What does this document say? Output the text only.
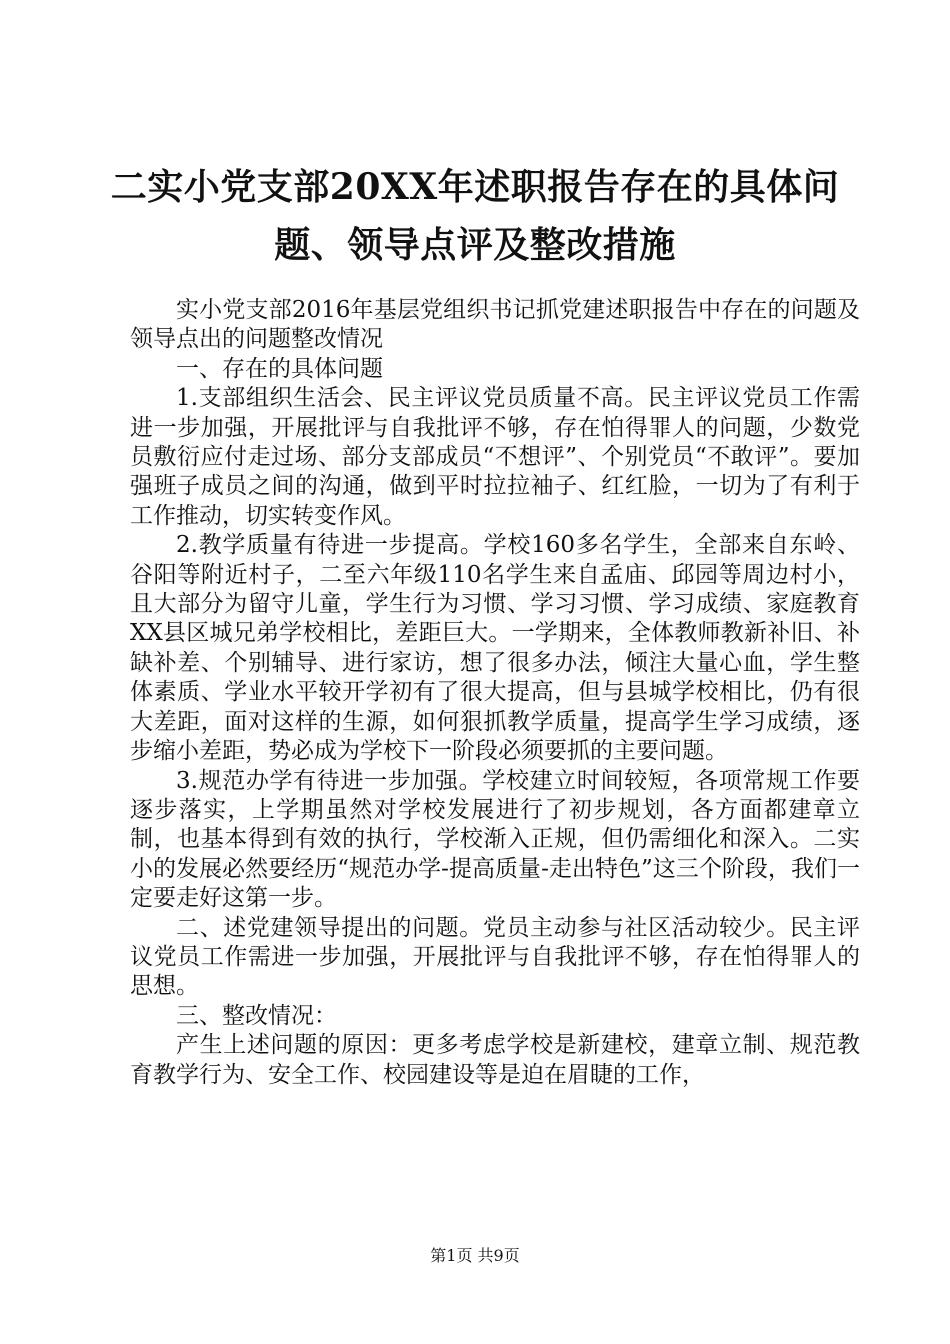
二实小党支部20XX年述职报告存在的具体问题、领导点评及整改措施

实小党支部2016年基层党组织书记抓党建述职报告中存在的问题及领导点出的问题整改情况

一、存在的具体问题

1.支部组织生活会、民主评议党员质量不高。民主评议党员工作需进一步加强，开展批评与自我批评不够，存在怕得罪人的问题，少数党员敷衍应付走过场、部分支部成员“不想评”、个别党员“不敢评”。要加强班子成员之间的沟通，做到平时拉拉袖子、红红脸，一切为了有利于工作推动，切实转变作风。

2.教学质量有待进一步提高。学校160多名学生，全部来自东岭、谷阳等附近村子，二至六年级110名学生来自孟庙、邱园等周边村小，且大部分为留守儿童，学生行为习惯、学习习惯、学习成绩、家庭教育XX县区城兄弟学校相比，差距巨大。一学期来，全体教师教新补旧、补缺补差、个别辅导、进行家访，想了很多办法，倾注大量心血，学生整体素质、学业水平较开学初有了很大提高，但与县城学校相比，仍有很大差距，面对这样的生源，如何狠抓教学质量，提高学生学习成绩，逐步缩小差距，势必成为学校下一阶段必须要抓的主要问题。

3.规范办学有待进一步加强。学校建立时间较短，各项常规工作要逐步落实，上学期虽然对学校发展进行了初步规划，各方面都建章立制，也基本得到有效的执行，学校渐入正规，但仍需细化和深入。二实小的发展必然要经历“规范办学-提高质量-走出特色”这三个阶段，我们一定要走好这第一步。

二、述党建领导提出的问题。党员主动参与社区活动较少。民主评议党员工作需进一步加强，开展批评与自我批评不够，存在怕得罪人的思想。

三、整改情况：

产生上述问题的原因：更多考虑学校是新建校，建章立制、规范教育教学行为、安全工作、校园建设等是迫在眉睫的工作，

第1页 共9页
